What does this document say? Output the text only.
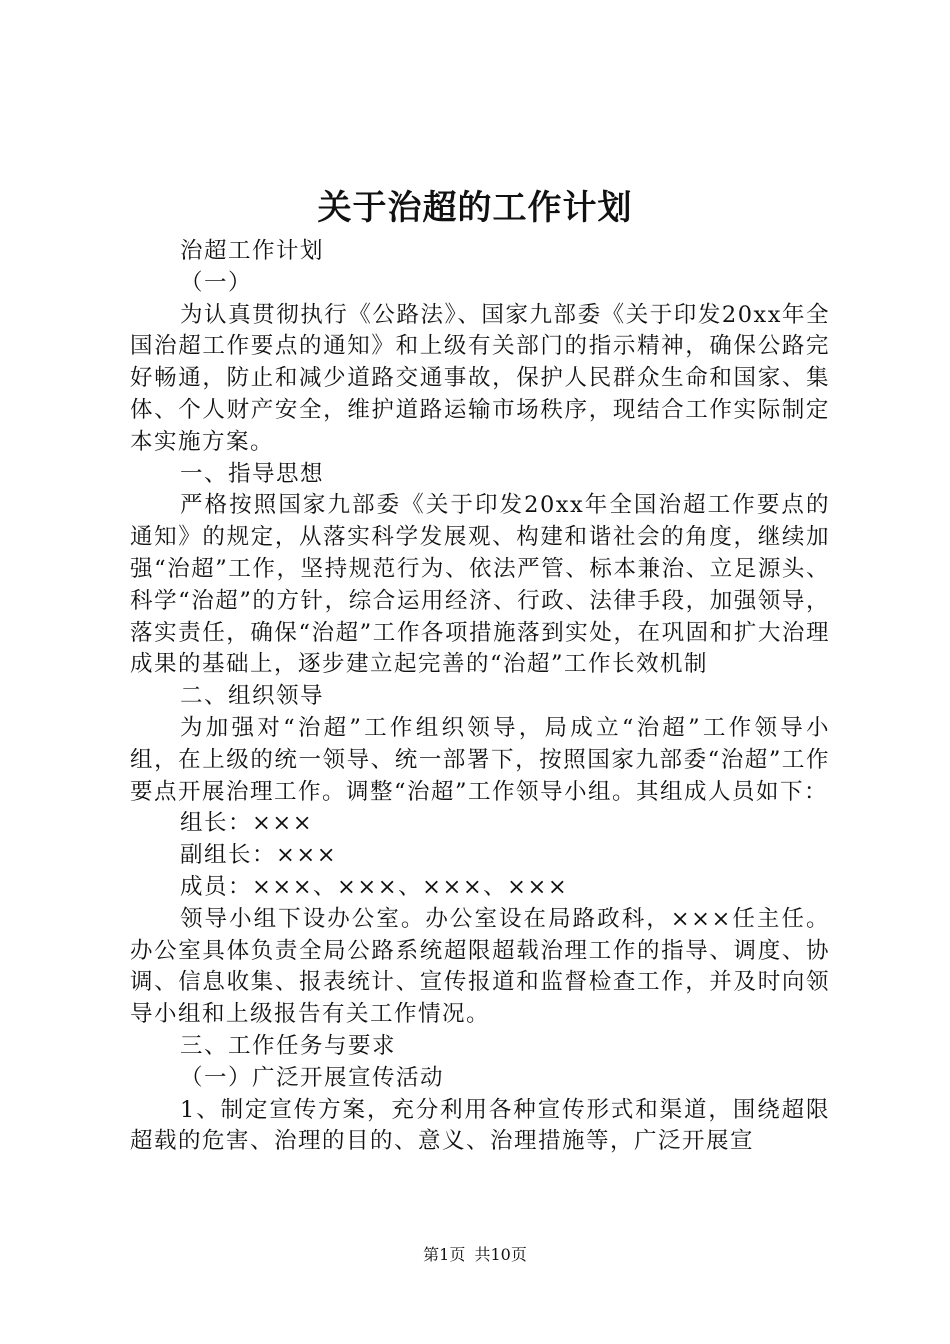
关于治超的工作计划

治超工作计划

（一）

为认真贯彻执行《公路法》、国家九部委《关于印发20xx年全国治超工作要点的通知》和上级有关部门的指示精神，确保公路完好畅通，防止和减少道路交通事故，保护人民群众生命和国家、集体、个人财产安全，维护道路运输市场秩序，现结合工作实际制定本实施方案。

一、指导思想

严格按照国家九部委《关于印发20xx年全国治超工作要点的通知》的规定，从落实科学发展观、构建和谐社会的角度，继续加强“治超”工作，坚持规范行为、依法严管、标本兼治、立足源头、科学“治超”的方针，综合运用经济、行政、法律手段，加强领导，落实责任，确保“治超”工作各项措施落到实处，在巩固和扩大治理成果的基础上，逐步建立起完善的“治超”工作长效机制

二、组织领导

为加强对“治超”工作组织领导，局成立“治超”工作领导小组，在上级的统一领导、统一部署下，按照国家九部委“治超”工作要点开展治理工作。调整“治超”工作领导小组。其组成人员如下：

组长：×××

副组长：×××

成员：×××、×××、×××、×××

领导小组下设办公室。办公室设在局路政科，×××任主任。办公室具体负责全局公路系统超限超载治理工作的指导、调度、协调、信息收集、报表统计、宣传报道和监督检查工作，并及时向领导小组和上级报告有关工作情况。

三、工作任务与要求

（一）广泛开展宣传活动

1、制定宣传方案，充分利用各种宣传形式和渠道，围绕超限超载的危害、治理的目的、意义、治理措施等，广泛开展宣

第1页 共10页
